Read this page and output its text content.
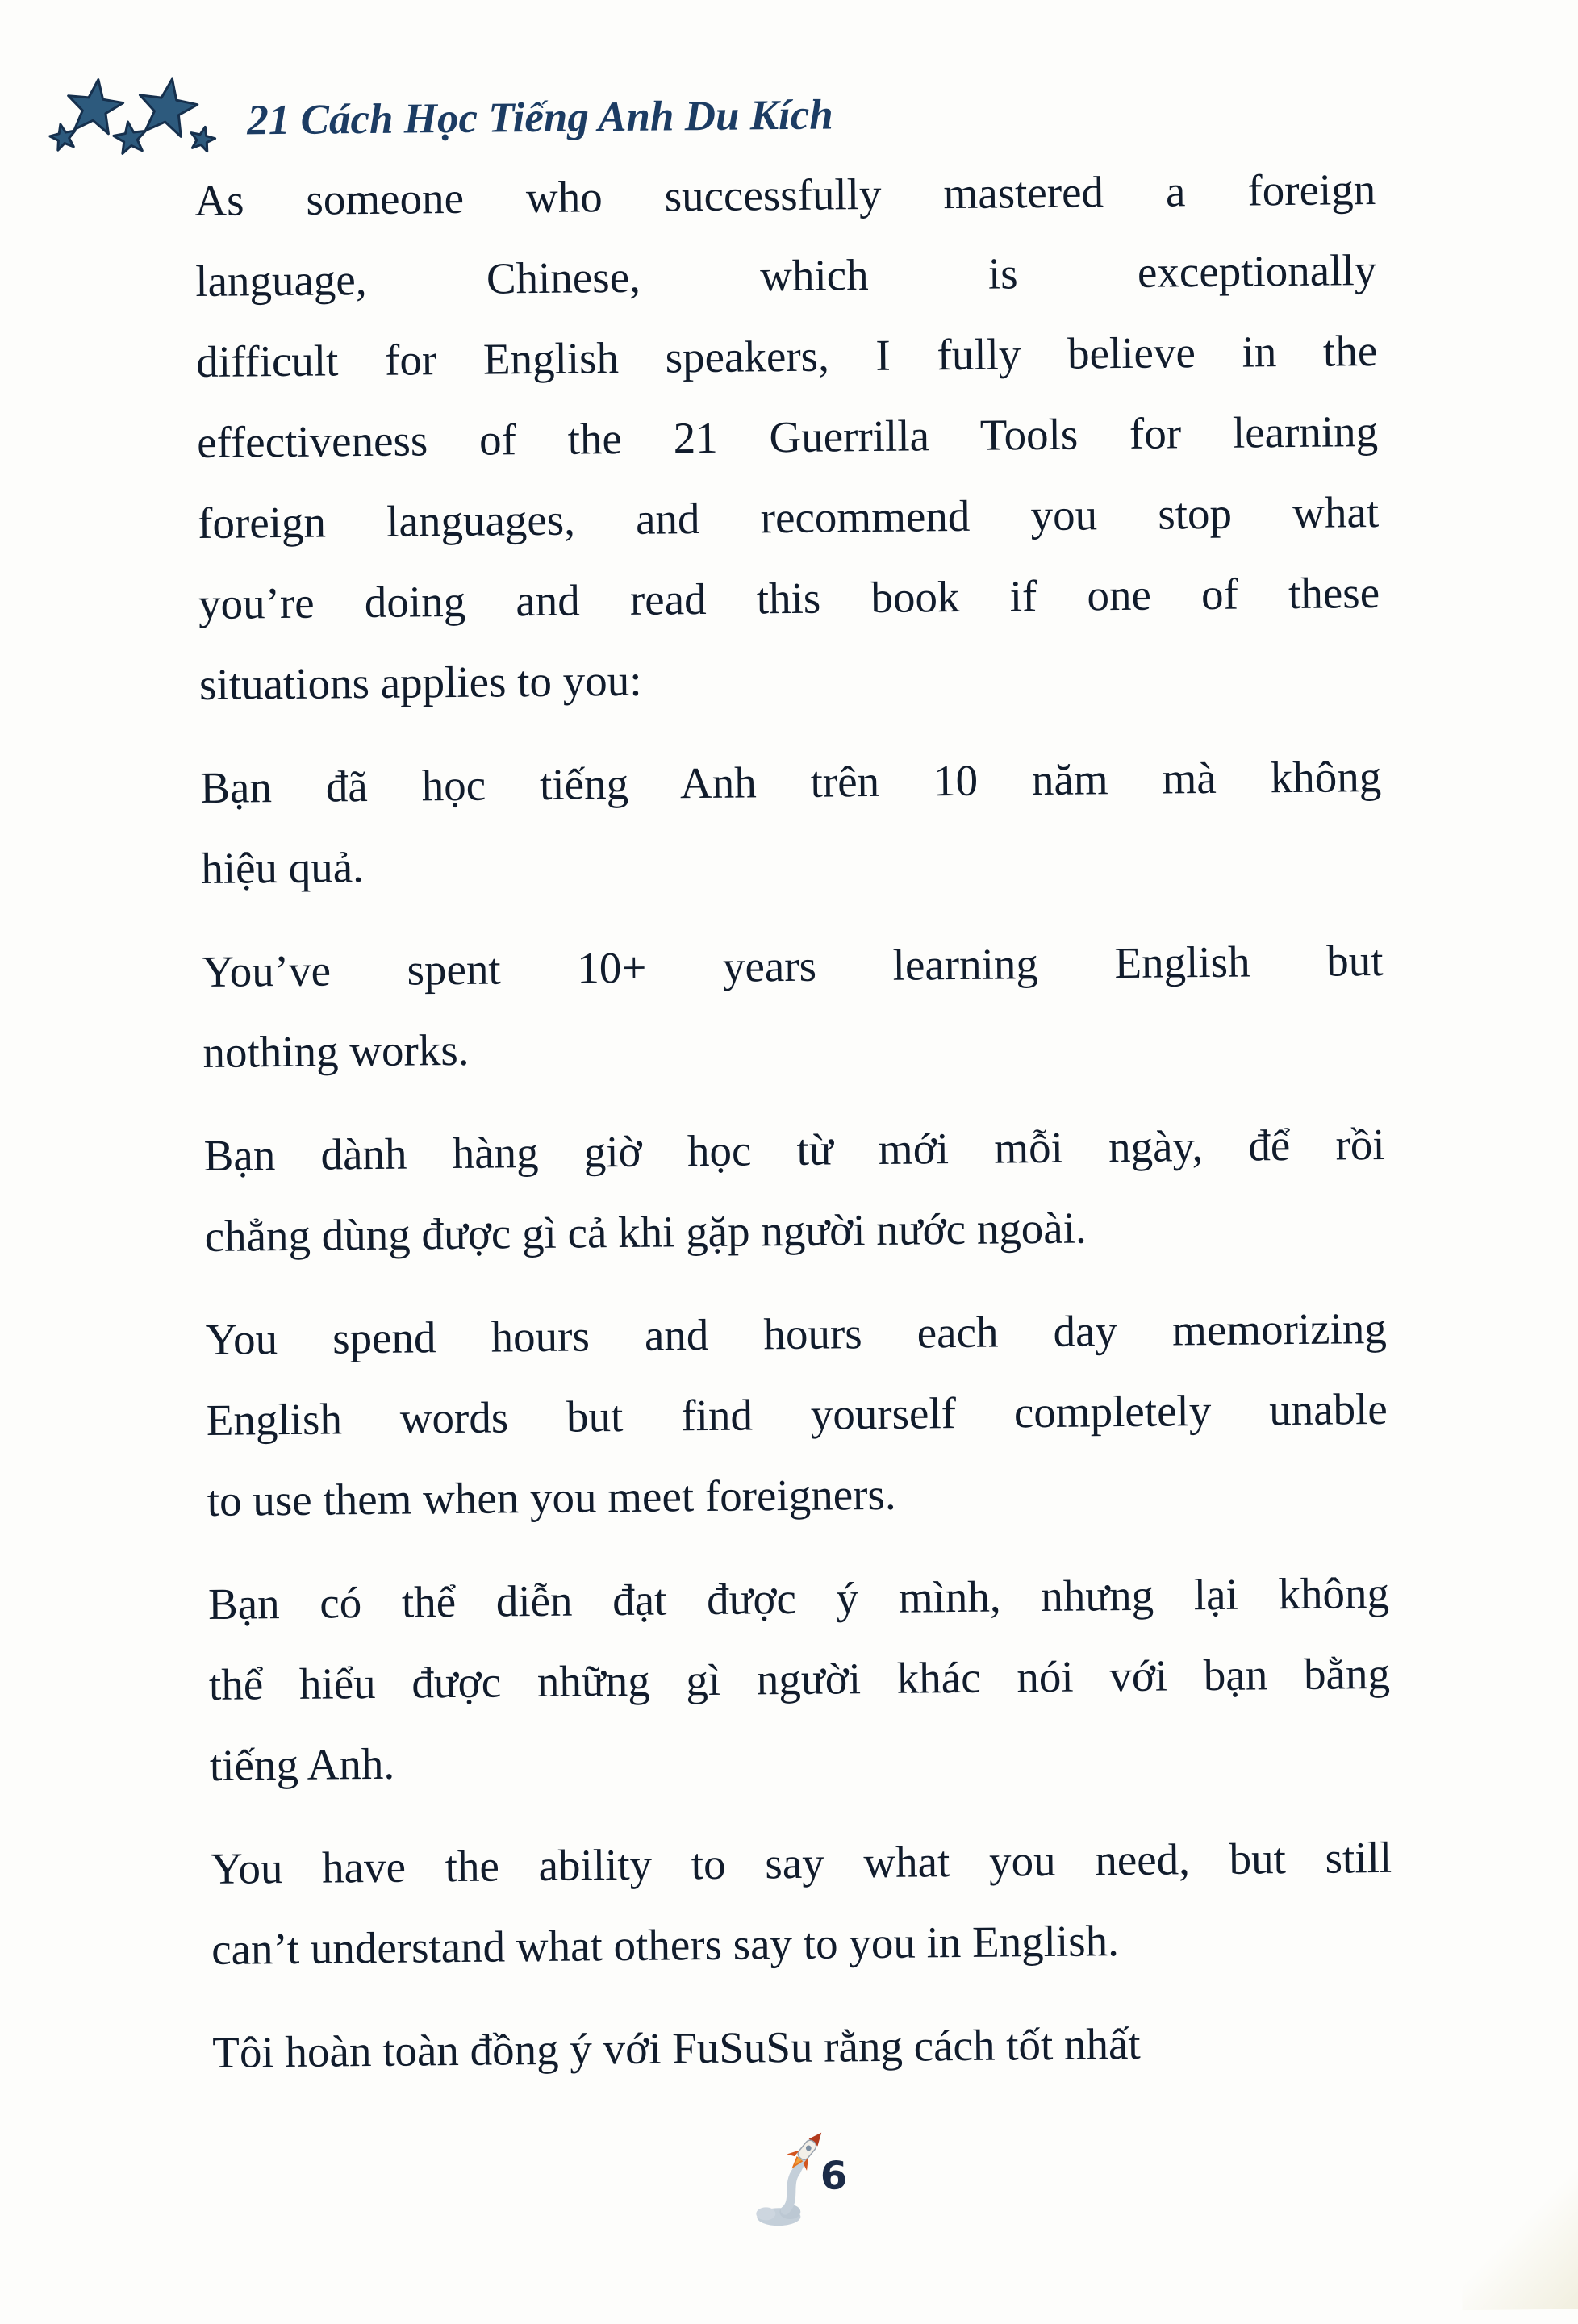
21 Cách Học Tiếng Anh Du Kích
As someone who successfully mastered a foreign
language, Chinese, which is exceptionally
difficult for English speakers, I fully believe in the
effectiveness of the 21 Guerrilla Tools for learning
foreign languages, and recommend you stop what
you’re doing and read this book if one of these
situations applies to you:
Bạn đã học tiếng Anh trên 10 năm mà không
hiệu quả.
You’ve spent 10+ years learning English but
nothing works.
Bạn dành hàng giờ học từ mới mỗi ngày, để rồi
chẳng dùng được gì cả khi gặp người nước ngoài.
You spend hours and hours each day memorizing
English words but find yourself completely unable
to use them when you meet foreigners.
Bạn có thể diễn đạt được ý mình, nhưng lại không
thể hiểu được những gì người khác nói với bạn bằng
tiếng Anh.
You have the ability to say what you need, but still
can’t understand what others say to you in English.
Tôi hoàn toàn đồng ý với FuSuSu rằng cách tốt nhất
6
